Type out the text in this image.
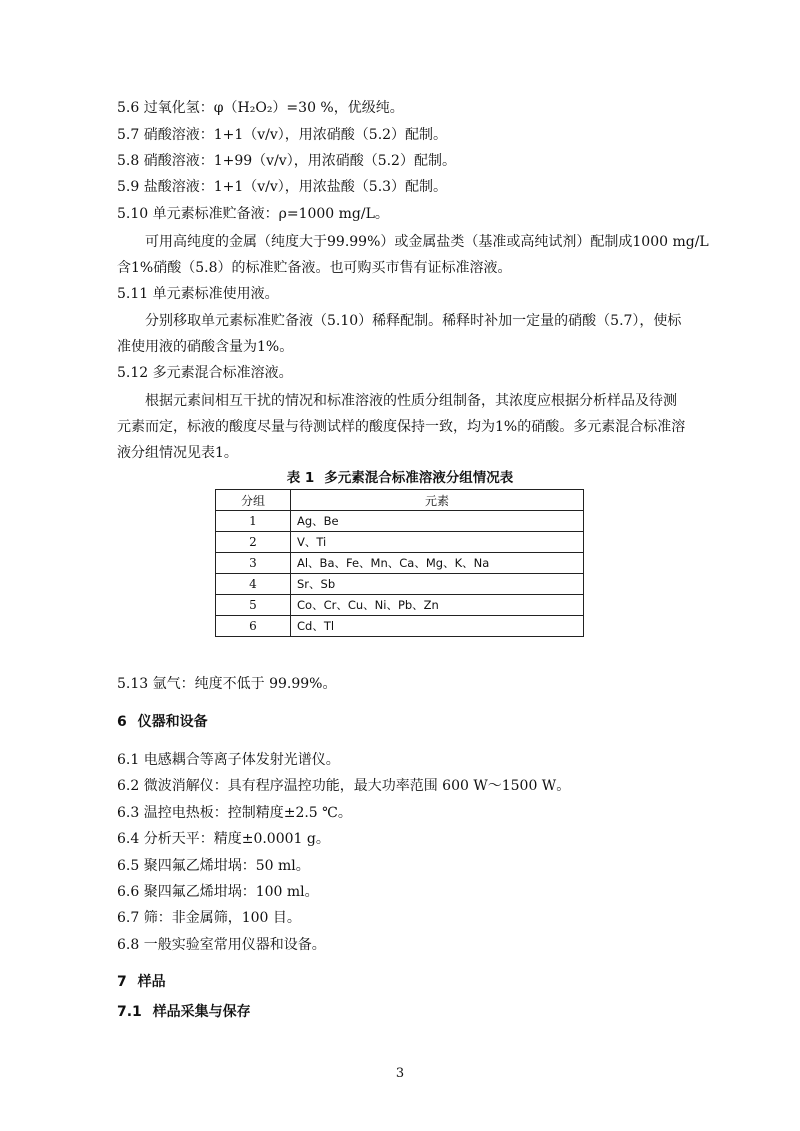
5.6 过氧化氢：φ（H₂O₂）=30 %，优级纯。
5.7 硝酸溶液：1+1（v/v），用浓硝酸（5.2）配制。
5.8 硝酸溶液：1+99（v/v），用浓硝酸（5.2）配制。
5.9 盐酸溶液：1+1（v/v），用浓盐酸（5.3）配制。
5.10 单元素标准贮备液：ρ=1000 mg/L。
可用高纯度的金属（纯度大于99.99%）或金属盐类（基准或高纯试剂）配制成1000 mg/L
含1%硝酸（5.8）的标准贮备液。也可购买市售有证标准溶液。
5.11 单元素标准使用液。
分别移取单元素标准贮备液（5.10）稀释配制。稀释时补加一定量的硝酸（5.7），使标
准使用液的硝酸含量为1%。
5.12 多元素混合标准溶液。
根据元素间相互干扰的情况和标准溶液的性质分组制备，其浓度应根据分析样品及待测
元素而定，标液的酸度尽量与待测试样的酸度保持一致，均为1%的硝酸。多元素混合标准溶
液分组情况见表1。
表 1 多元素混合标准溶液分组情况表
分组	元素
1	Ag、Be
2	V、Ti
3	Al、Ba、Fe、Mn、Ca、Mg、K、Na
4	Sr、Sb
5	Co、Cr、Cu、Ni、Pb、Zn
6	Cd、Tl
5.13 氩气：纯度不低于 99.99%。
6 仪器和设备
6.1 电感耦合等离子体发射光谱仪。
6.2 微波消解仪：具有程序温控功能，最大功率范围 600 W～1500 W。
6.3 温控电热板：控制精度±2.5 ℃。
6.4 分析天平：精度±0.0001 g。
6.5 聚四氟乙烯坩埚：50 ml。
6.6 聚四氟乙烯坩埚：100 ml。
6.7 筛：非金属筛，100 目。
6.8 一般实验室常用仪器和设备。
7 样品
7.1 样品采集与保存
3
